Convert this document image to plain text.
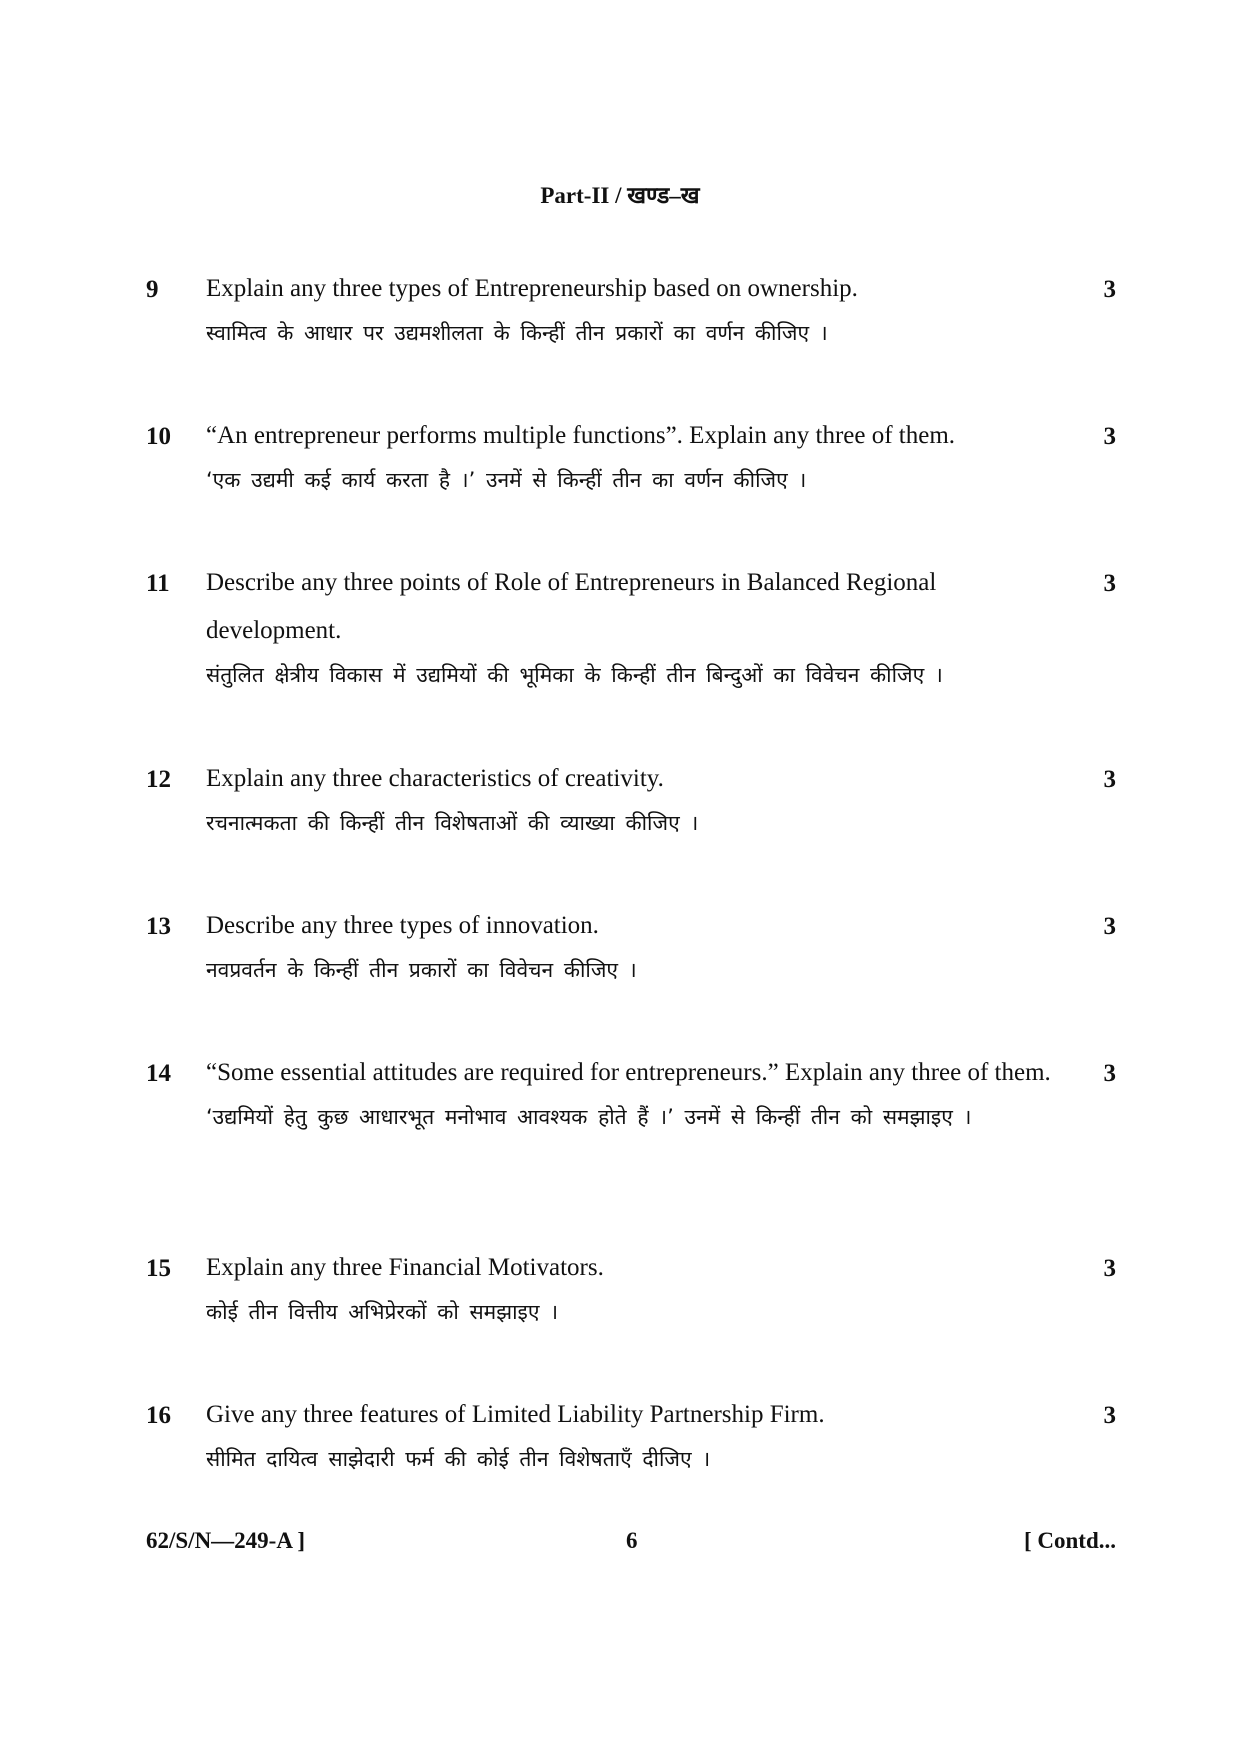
Part-II / खण्ड–ख
9 Explain any three types of Entrepreneurship based on ownership.
स्वामित्व के आधार पर उद्यमशीलता के किन्हीं तीन प्रकारों का वर्णन कीजिए ।
3
10 “An entrepreneur performs multiple functions”. Explain any three of them.
‘एक उद्यमी कई कार्य करता है ।’ उनमें से किन्हीं तीन का वर्णन कीजिए ।
3
11 Describe any three points of Role of Entrepreneurs in Balanced Regional development.
संतुलित क्षेत्रीय विकास में उद्यमियों की भूमिका के किन्हीं तीन बिन्दुओं का विवेचन कीजिए ।
3
12 Explain any three characteristics of creativity.
रचनात्मकता की किन्हीं तीन विशेषताओं की व्याख्या कीजिए ।
3
13 Describe any three types of innovation.
नवप्रवर्तन के किन्हीं तीन प्रकारों का विवेचन कीजिए ।
3
14 “Some essential attitudes are required for entrepreneurs.” Explain any three of them.
‘उद्यमियों हेतु कुछ आधारभूत मनोभाव आवश्यक होते हैं ।’ उनमें से किन्हीं तीन को समझाइए ।
3
15 Explain any three Financial Motivators.
कोई तीन वित्तीय अभिप्रेरकों को समझाइए ।
3
16 Give any three features of Limited Liability Partnership Firm.
सीमित दायित्व साझेदारी फर्म की कोई तीन विशेषताएँ दीजिए ।
3
62/S/N—249-A ]	6	[ Contd...
